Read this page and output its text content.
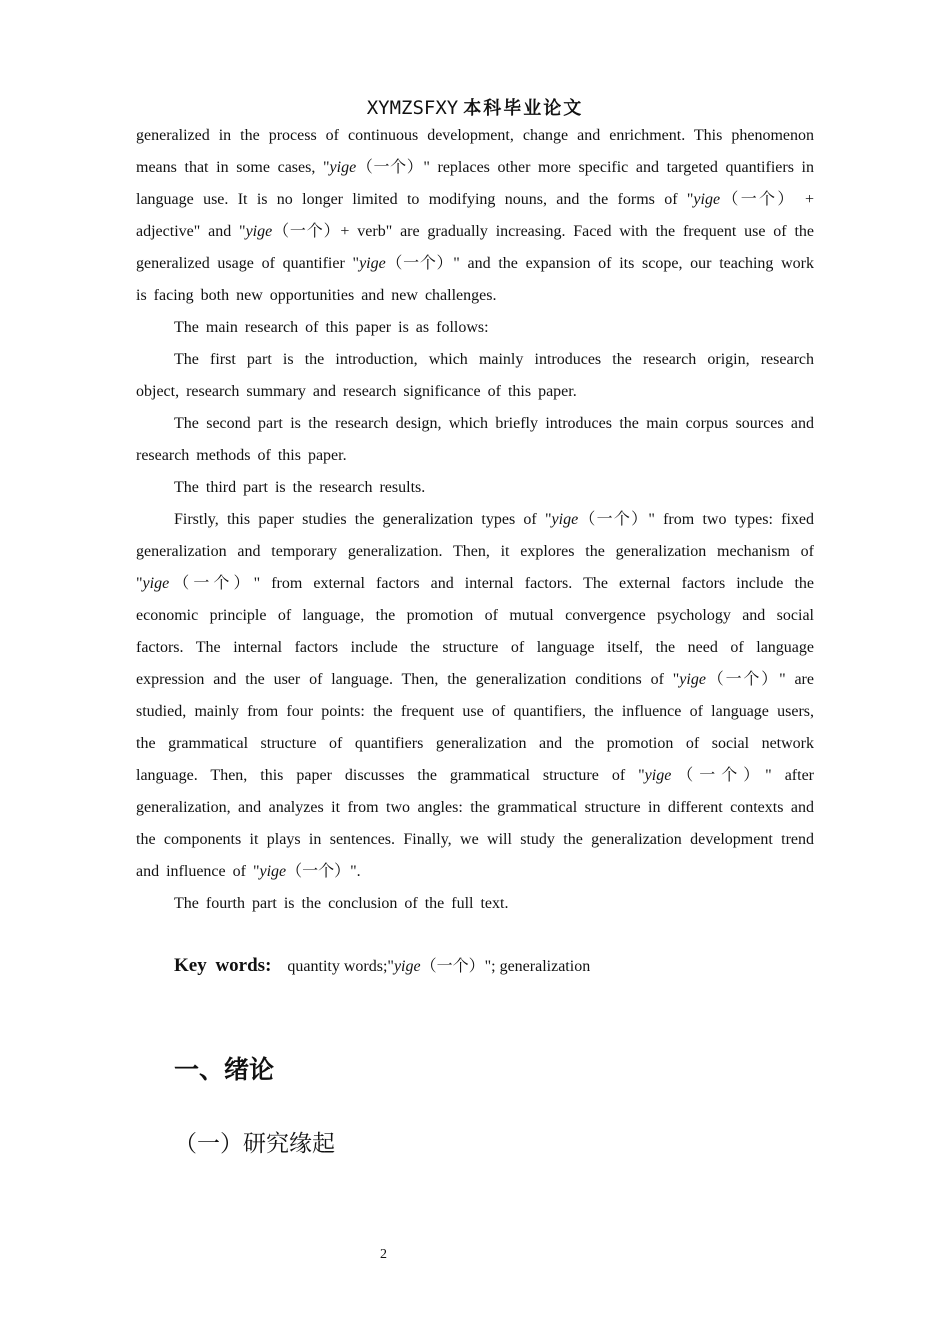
XYMZSFXY 本科毕业论文

generalized in the process of continuous development, change and enrichment. This phenomenon means that in some cases, "yige（一个）" replaces other more specific and targeted quantifiers in language use. It is no longer limited to modifying nouns, and the forms of "yige（一个） + adjective" and "yige（一个）+ verb" are gradually increasing. Faced with the frequent use of the generalized usage of quantifier "yige（一个）" and the expansion of its scope, our teaching work is facing both new opportunities and new challenges.

The main research of this paper is as follows:

The first part is the introduction, which mainly introduces the research origin, research object, research summary and research significance of this paper.

The second part is the research design, which briefly introduces the main corpus sources and research methods of this paper.

The third part is the research results.

Firstly, this paper studies the generalization types of "yige（一个）" from two types: fixed generalization and temporary generalization. Then, it explores the generalization mechanism of "yige（一个）" from external factors and internal factors. The external factors include the economic principle of language, the promotion of mutual convergence psychology and social factors. The internal factors include the structure of language itself, the need of language expression and the user of language. Then, the generalization conditions of "yige（一个）" are studied, mainly from four points: the frequent use of quantifiers, the influence of language users, the grammatical structure of quantifiers generalization and the promotion of social network language. Then, this paper discusses the grammatical structure of "yige（一个）" after generalization, and analyzes it from two angles: the grammatical structure in different contexts and the components it plays in sentences. Finally, we will study the generalization development trend and influence of "yige（一个）".

The fourth part is the conclusion of the full text.

Key words: quantity words;"yige（一个）"; generalization
一、绪论
（一）研究缘起
2
